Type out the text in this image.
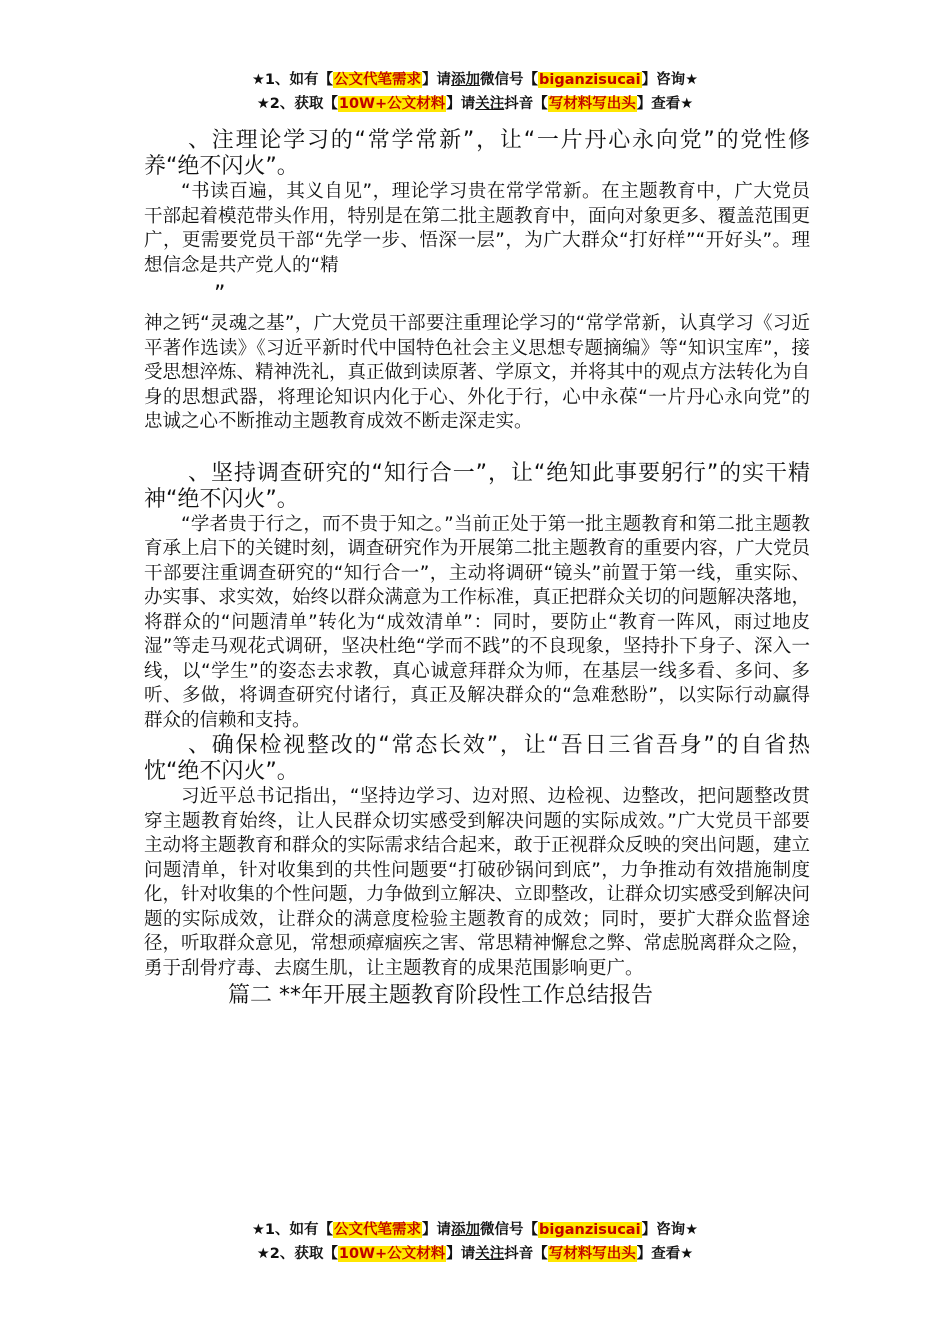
★1、如有【公文代笔需求】请添加微信号【biganzisucai】咨询★
★2、获取【10W+公文材料】请关注抖音【写材料写出头】查看★

、注理论学习的“常学常新”，让“一片丹心永向党”的党性修养“绝不闪火”。

“书读百遍，其义自见”，理论学习贵在常学常新。在主题教育中，广大党员干部起着模范带头作用，特别是在第二批主题教育中，面向对象更多、覆盖范围更广，更需要党员干部“先学一步、悟深一层”，为广大群众“打好样”“开好头”。理想信念是共产党人的“精

”

神之钙“灵魂之基”，广大党员干部要注重理论学习的“常学常新，认真学习《习近平著作选读》《习近平新时代中国特色社会主义思想专题摘编》等“知识宝库”，接受思想淬炼、精神洗礼，真正做到读原著、学原文，并将其中的观点方法转化为自身的思想武器，将理论知识内化于心、外化于行，心中永葆“一片丹心永向党”的忠诚之心不断推动主题教育成效不断走深走实。

、坚持调查研究的“知行合一”，让“绝知此事要躬行”的实干精神“绝不闪火”。

“学者贵于行之，而不贵于知之。”当前正处于第一批主题教育和第二批主题教育承上启下的关键时刻，调查研究作为开展第二批主题教育的重要内容，广大党员干部要注重调查研究的“知行合一”，主动将调研“镜头”前置于第一线，重实际、办实事、求实效，始终以群众满意为工作标准，真正把群众关切的问题解决落地，将群众的“问题清单”转化为“成效清单”：同时，要防止“教育一阵风，雨过地皮湿”等走马观花式调研，坚决杜绝“学而不践”的不良现象，坚持扑下身子、深入一线，以“学生”的姿态去求教，真心诚意拜群众为师，在基层一线多看、多问、多听、多做，将调查研究付诸行，真正及解决群众的“急难愁盼”，以实际行动赢得群众的信赖和支持。

、确保检视整改的“常态长效”，让“吾日三省吾身”的自省热忱“绝不闪火”。

习近平总书记指出，“坚持边学习、边对照、边检视、边整改，把问题整改贯穿主题教育始终，让人民群众切实感受到解决问题的实际成效。”广大党员干部要主动将主题教育和群众的实际需求结合起来，敢于正视群众反映的突出问题，建立问题清单，针对收集到的共性问题要“打破砂锅问到底”，力争推动有效措施制度化，针对收集的个性问题，力争做到立解决、立即整改，让群众切实感受到解决问题的实际成效，让群众的满意度检验主题教育的成效；同时，要扩大群众监督途径，听取群众意见，常想顽瘴痼疾之害、常思精神懈怠之弊、常虑脱离群众之险，勇于刮骨疗毒、去腐生肌，让主题教育的成果范围影响更广。

篇二 **年开展主题教育阶段性工作总结报告

★1、如有【公文代笔需求】请添加微信号【biganzisucai】咨询★
★2、获取【10W+公文材料】请关注抖音【写材料写出头】查看★
